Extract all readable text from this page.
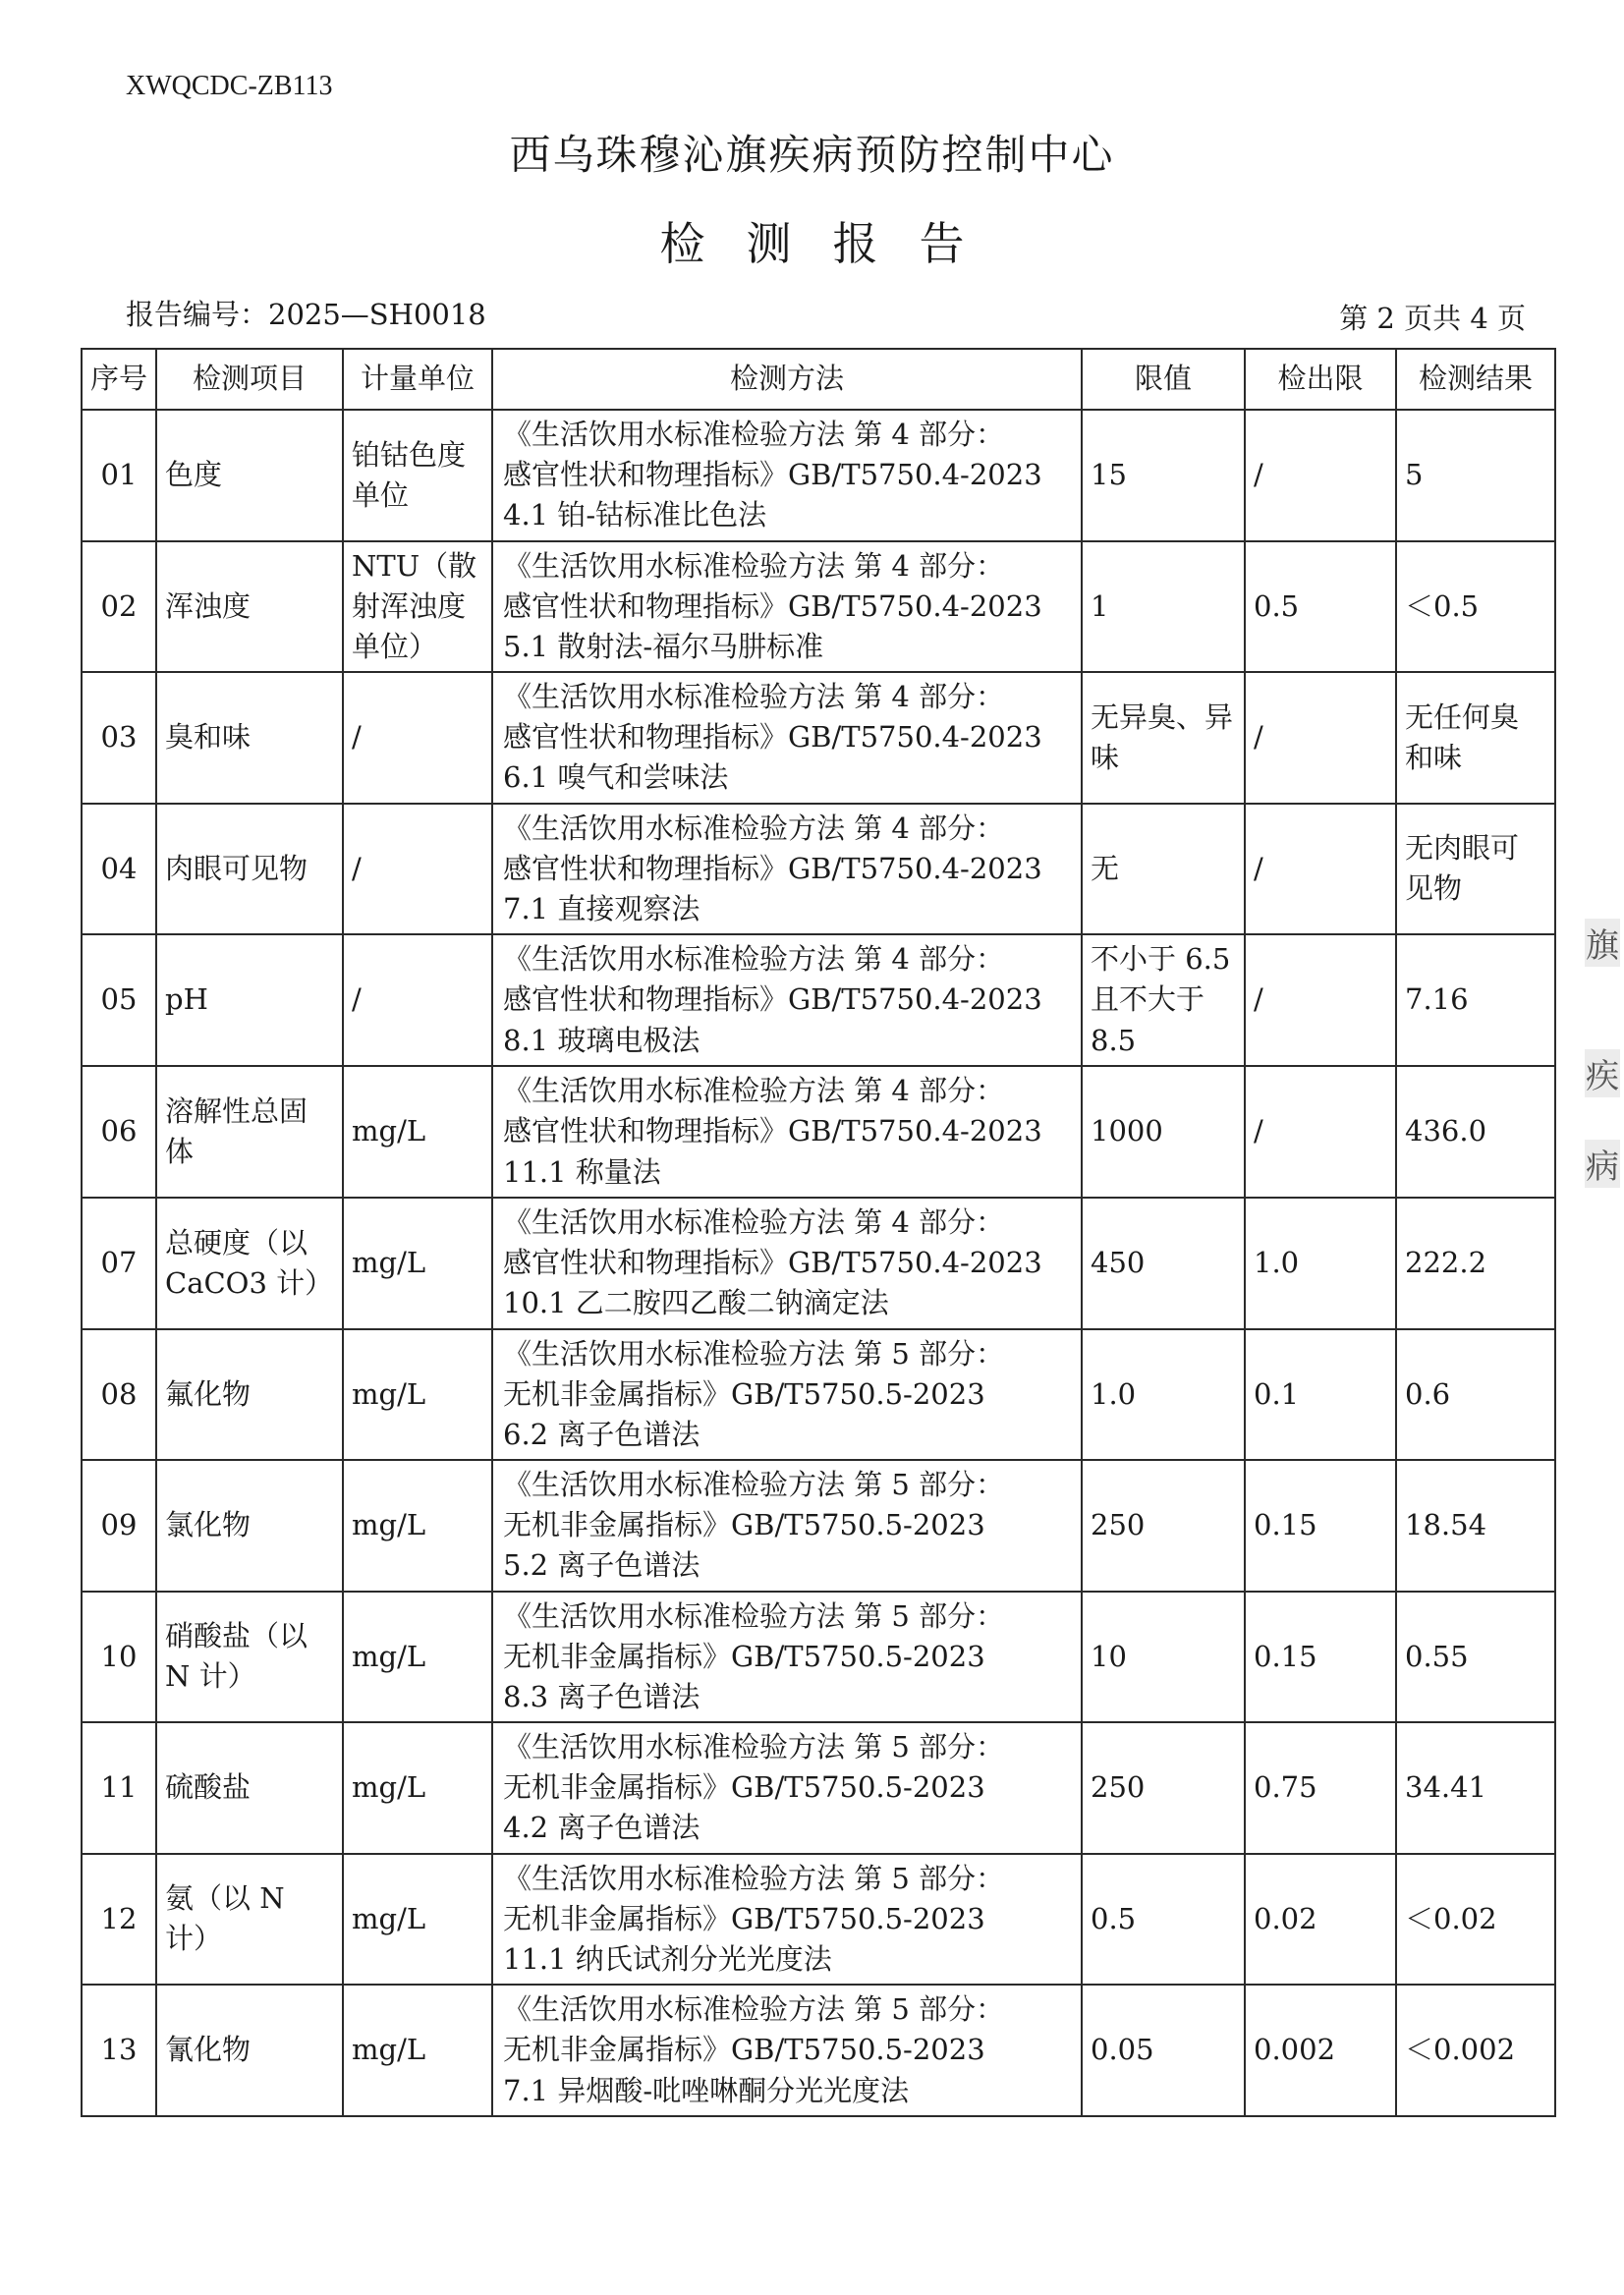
XWQCDC-ZB113
西乌珠穆沁旗疾病预防控制中心
检测报告
报告编号：2025—SH0018	第 2 页共 4 页
序号	检测项目	计量单位	检测方法	限值	检出限	检测结果
01	色度	铂钴色度单位	《生活饮用水标准检验方法 第 4 部分：
感官性状和物理指标》GB/T5750.4-2023
4.1 铂-钴标准比色法	15	/	5
02	浑浊度	NTU（散射浑浊度单位）	《生活饮用水标准检验方法 第 4 部分：
感官性状和物理指标》GB/T5750.4-2023
5.1 散射法-福尔马肼标准	1	0.5	＜0.5
03	臭和味	/	《生活饮用水标准检验方法 第 4 部分：
感官性状和物理指标》GB/T5750.4-2023
6.1 嗅气和尝味法	无异臭、异味	/	无任何臭和味
04	肉眼可见物	/	《生活饮用水标准检验方法 第 4 部分：
感官性状和物理指标》GB/T5750.4-2023
7.1 直接观察法	无	/	无肉眼可见物
05	pH	/	《生活饮用水标准检验方法 第 4 部分：
感官性状和物理指标》GB/T5750.4-2023
8.1 玻璃电极法	不小于 6.5 且不大于 8.5	/	7.16
06	溶解性总固体	mg/L	《生活饮用水标准检验方法 第 4 部分：
感官性状和物理指标》GB/T5750.4-2023
11.1 称量法	1000	/	436.0
07	总硬度（以 CaCO3 计）	mg/L	《生活饮用水标准检验方法 第 4 部分：
感官性状和物理指标》GB/T5750.4-2023
10.1 乙二胺四乙酸二钠滴定法	450	1.0	222.2
08	氟化物	mg/L	《生活饮用水标准检验方法 第 5 部分：
无机非金属指标》GB/T5750.5-2023
6.2 离子色谱法	1.0	0.1	0.6
09	氯化物	mg/L	《生活饮用水标准检验方法 第 5 部分：
无机非金属指标》GB/T5750.5-2023
5.2 离子色谱法	250	0.15	18.54
10	硝酸盐（以 N 计）	mg/L	《生活饮用水标准检验方法 第 5 部分：
无机非金属指标》GB/T5750.5-2023
8.3 离子色谱法	10	0.15	0.55
11	硫酸盐	mg/L	《生活饮用水标准检验方法 第 5 部分：
无机非金属指标》GB/T5750.5-2023
4.2 离子色谱法	250	0.75	34.41
12	氨（以 N 计）	mg/L	《生活饮用水标准检验方法 第 5 部分：
无机非金属指标》GB/T5750.5-2023
11.1 纳氏试剂分光光度法	0.5	0.02	＜0.02
13	氰化物	mg/L	《生活饮用水标准检验方法 第 5 部分：
无机非金属指标》GB/T5750.5-2023
7.1 异烟酸-吡唑啉酮分光光度法	0.05	0.002	＜0.002
旗
疾
病
